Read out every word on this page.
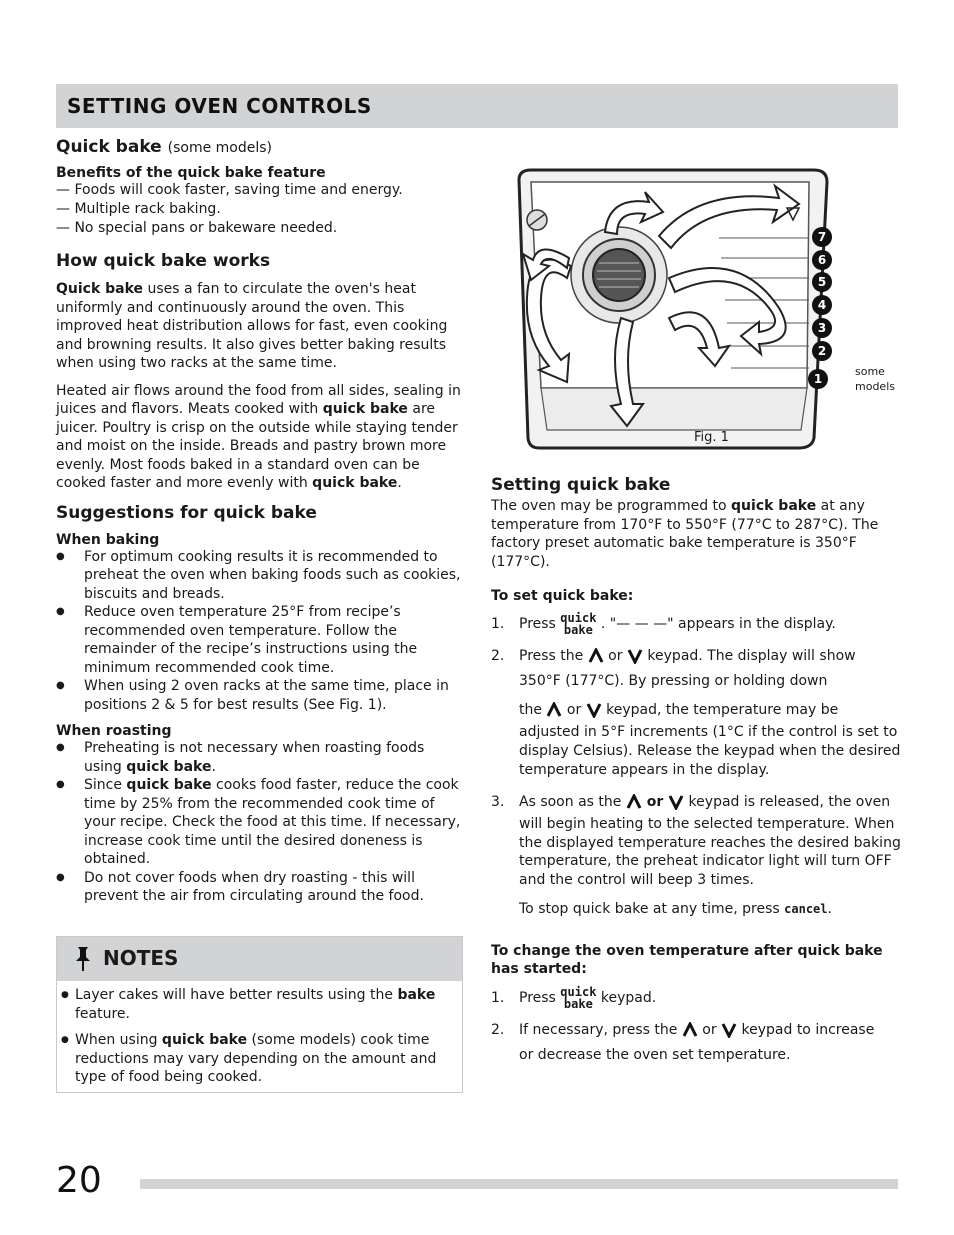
SETTING OVEN CONTROLS
Quick bake (some models)
Benefits of the quick bake feature
— Foods will cook faster, saving time and energy.
— Multiple rack baking.
— No special pans or bakeware needed.
How quick bake works
Quick bake uses a fan to circulate the oven's heat uniformly and continuously around the oven. This improved heat distribution allows for fast, even cooking and browning results. It also gives better baking results when using two racks at the same time.
Heated air flows around the food from all sides, sealing in juices and flavors. Meats cooked with quick bake are juicer. Poultry is crisp on the outside while staying tender and moist on the inside. Breads and pastry brown more evenly. Most foods baked in a standard oven can be cooked faster and more evenly with quick bake.
Suggestions for quick bake
When baking
● For optimum cooking results it is recommended to preheat the oven when baking foods such as cookies, biscuits and breads.
● Reduce oven temperature 25°F from recipe’s recommended oven temperature. Follow the remainder of the recipe’s instructions using the minimum recommended cook time.
● When using 2 oven racks at the same time, place in positions 2 & 5 for best results (See Fig. 1).
When roasting
● Preheating is not necessary when roasting foods using quick bake.
● Since quick bake cooks food faster, reduce the cook time by 25% from the recommended cook time of your recipe. Check the food at this time. If necessary, increase cook time until the desired doneness is obtained.
● Do not cover foods when dry roasting - this will prevent the air from circulating around the food.
NOTES
● Layer cakes will have better results using the bake feature.
● When using quick bake (some models) cook time reductions may vary depending on the amount and type of food being cooked.
7
6
5
4
3
2
1
some
models
Fig. 1
Setting quick bake
The oven may be programmed to quick bake at any temperature from 170°F to 550°F (77°C to 287°C). The factory preset automatic bake temperature is 350°F (177°C).
To set quick bake:
1. Press quick
bake . "— — —" appears in the display.
2. Press the  or  keypad. The display will show
350°F (177°C). By pressing or holding down
the  or  keypad, the temperature may be
adjusted in 5°F increments (1°C if the control is set to display Celsius). Release the keypad when the desired temperature appears in the display.
3. As soon as the  or  keypad is released, the oven
will begin heating to the selected temperature. When the displayed temperature reaches the desired baking temperature, the preheat indicator light will turn OFF and the control will beep 3 times.
To stop quick bake at any time, press cancel.
To change the oven temperature after quick bake has started:
1. Press quick
bake keypad.
2. If necessary, press the  or  keypad to increase
or decrease the oven set temperature.
20
